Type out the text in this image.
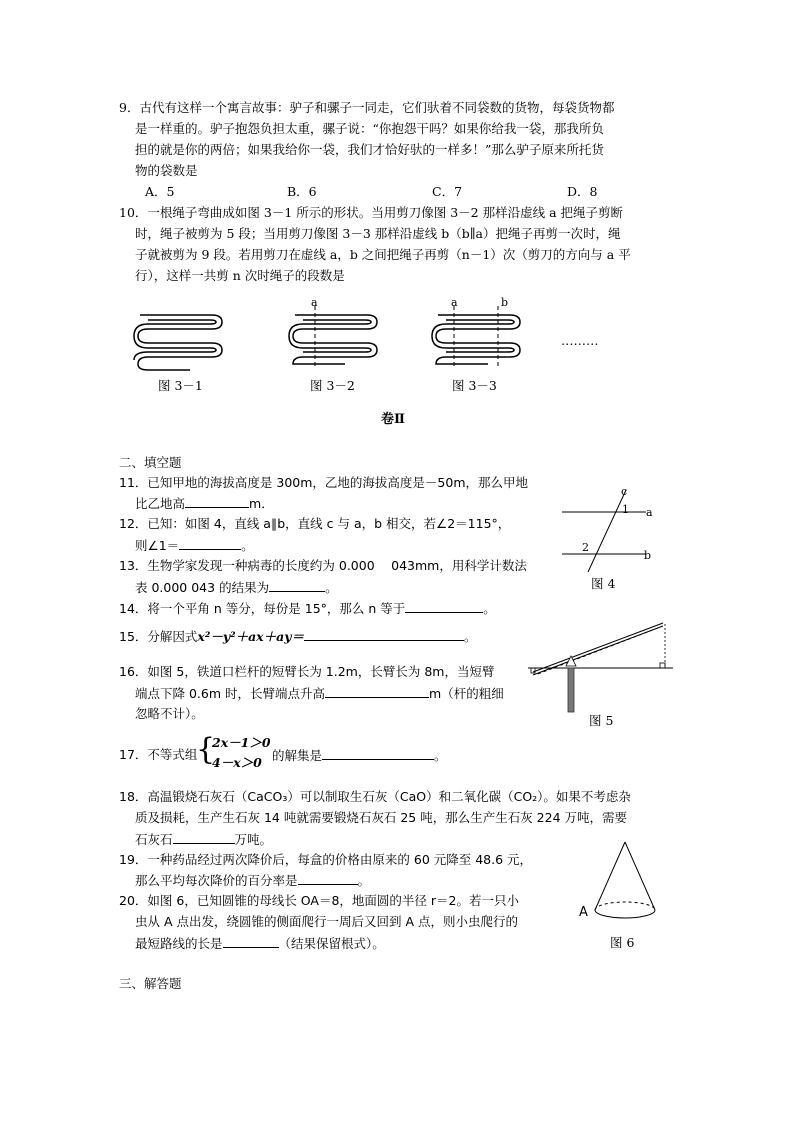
9．古代有这样一个寓言故事：驴子和骡子一同走，它们驮着不同袋数的货物，每袋货物都
是一样重的。驴子抱怨负担太重，骡子说：“你抱怨干吗？如果你给我一袋，那我所负
担的就是你的两倍；如果我给你一袋，我们才恰好驮的一样多！”那么驴子原来所托货
物的袋数是
A．5	B．6	C．7	D．8
10．一根绳子弯曲成如图 3－1 所示的形状。当用剪刀像图 3－2 那样沿虚线 a 把绳子剪断
时，绳子被剪为 5 段；当用剪刀像图 3－3 那样沿虚线 b（b∥a）把绳子再剪一次时，绳
子就被剪为 9 段。若用剪刀在虚线 a，b 之间把绳子再剪（n－1）次（剪刀的方向与 a 平
行），这样一共剪 n 次时绳子的段数是
图 3－1
a
图 3－2
a	b
图 3－3
………
卷Ⅱ
二、填空题
11．已知甲地的海拔高度是 300m，乙地的海拔高度是－50m，那么甲地
比乙地高	m．
12．已知：如图 4，直线 a∥b，直线 c 与 a，b 相交，若∠2＝115°，
则∠1＝	。
13．生物学家发现一种病毒的长度约为 0.000　 043mm，用科学计数法
表 0.000 043 的结果为	。
14．将一个平角 n 等分，每份是 15°，那么 n 等于	。
15．分解因式x²－y²＋ax＋ay＝	。
16．如图 5，铁道口栏杆的短臂长为 1.2m，长臂长为 8m，当短臂
端点下降 0.6m 时，长臂端点升高	m（杆的粗细
忽略不计）。
17．不等式组
{
2x－1＞0
4－x＞0 的解集是	。
18．高温锻烧石灰石（CaCO₃）可以制取生石灰（CaO）和二氧化碳（CO₂）。如果不考虑杂
质及损耗，生产生石灰 14 吨就需要锻烧石灰石 25 吨，那么生产生石灰 224 万吨，需要
石灰石	万吨。
19．一种药品经过两次降价后，每盒的价格由原来的 60 元降至 48.6 元，
那么平均每次降价的百分率是	。
20．如图 6，已知圆锥的母线长 OA＝8，地面圆的半径 r＝2。若一只小
虫从 A 点出发，绕圆锥的侧面爬行一周后又回到 A 点，则小虫爬行的
最短路线的长是	（结果保留根式）。
三、解答题
c
a
b
1
2
图 4
图 5
A
图 6
